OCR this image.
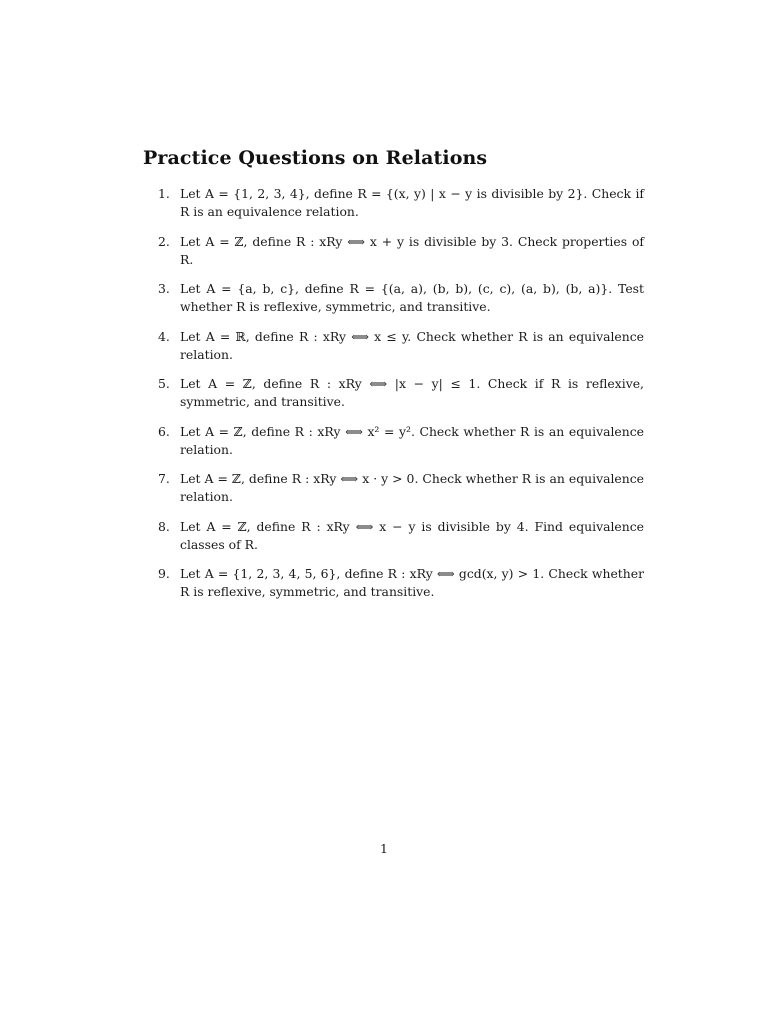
Practice Questions on Relations
1. Let A = {1, 2, 3, 4}, define R = {(x, y) | x − y is divisible by 2}. Check if R is an equivalence relation.
2. Let A = ℤ, define R : xRy ⟺ x + y is divisible by 3. Check properties of R.
3. Let A = {a, b, c}, define R = {(a, a), (b, b), (c, c), (a, b), (b, a)}. Test whether R is reflexive, symmetric, and transitive.
4. Let A = ℝ, define R : xRy ⟺ x ≤ y. Check whether R is an equivalence relation.
5. Let A = ℤ, define R : xRy ⟺ |x − y| ≤ 1. Check if R is reflexive, symmetric, and transitive.
6. Let A = ℤ, define R : xRy ⟺ x² = y². Check whether R is an equivalence relation.
7. Let A = ℤ, define R : xRy ⟺ x · y > 0. Check whether R is an equivalence relation.
8. Let A = ℤ, define R : xRy ⟺ x − y is divisible by 4. Find equivalence classes of R.
9. Let A = {1, 2, 3, 4, 5, 6}, define R : xRy ⟺ gcd(x, y) > 1. Check whether R is reflexive, symmetric, and transitive.
1
